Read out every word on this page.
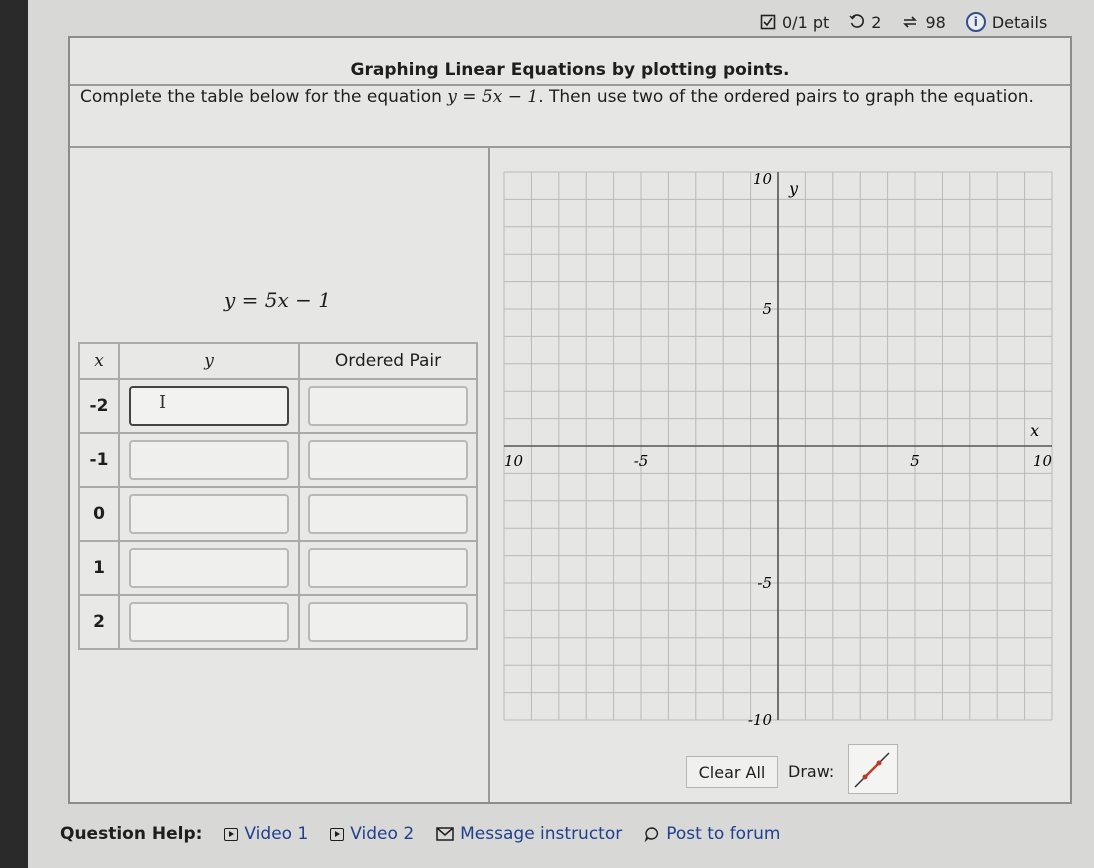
0/1 pt	2	98	i Details
Graphing Linear Equations by plotting points.
Complete the table below for the equation y = 5x − 1. Then use two of the ordered pairs to graph the equation.
y = 5x − 1
x	y	Ordered Pair
-2	I	

-1	

0	

1	

2	

10	-5	5	10
10
5
-5
-10
x
y
Clear All	Draw:
Question Help: Video 1 Video 2	Message instructor	Post to forum
